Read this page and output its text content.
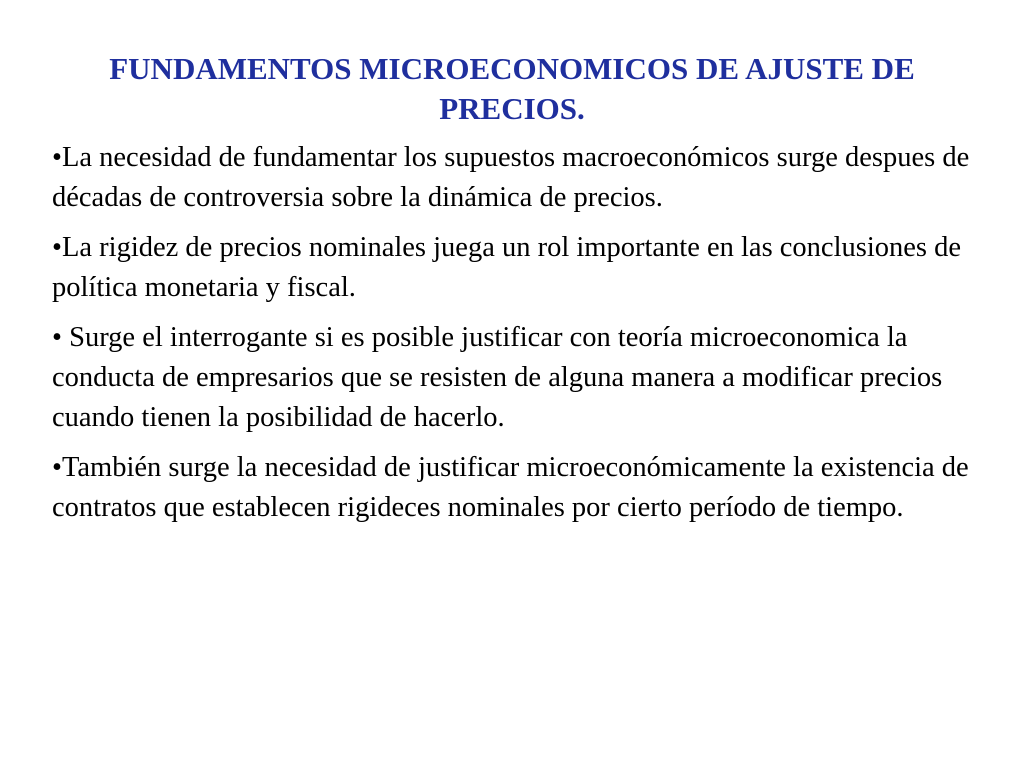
FUNDAMENTOS MICROECONOMICOS DE AJUSTE DE
PRECIOS.
•La necesidad de fundamentar los supuestos macroeconómicos surge despues de décadas de controversia sobre la dinámica de precios.
•La rigidez de precios nominales juega un rol importante en las conclusiones de política monetaria y fiscal.
• Surge el interrogante si es posible justificar con teoría microeconomica la conducta de empresarios que se resisten de alguna manera a modificar precios cuando tienen la posibilidad de hacerlo.
•También surge la necesidad de justificar microeconómicamente la existencia de contratos que establecen rigideces nominales por cierto período de tiempo.
